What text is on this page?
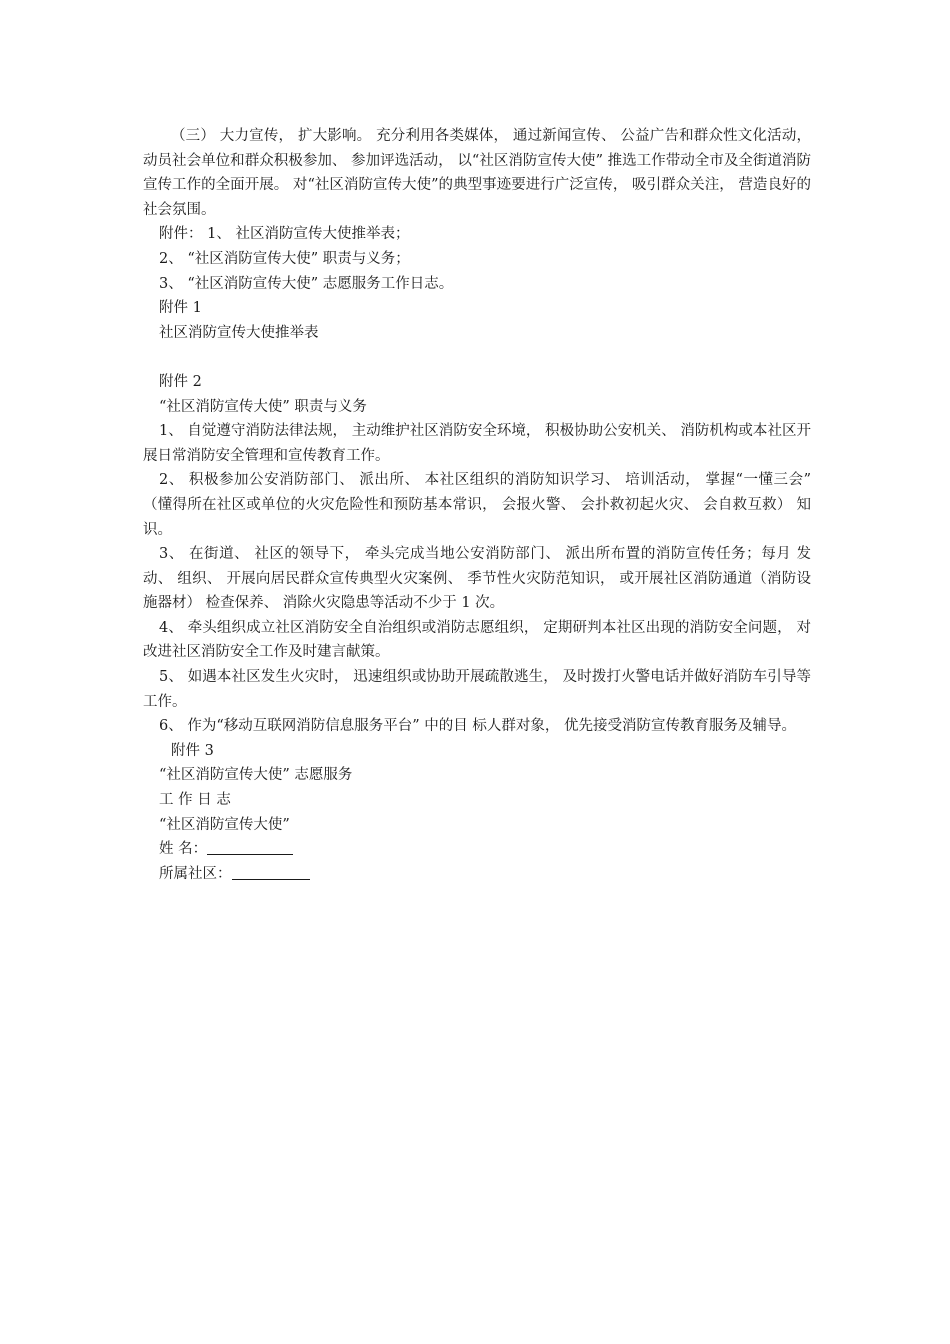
（三） 大力宣传， 扩大影响。 充分利用各类媒体， 通过新闻宣传、 公益广告和群众性文化活动， 动员社会单位和群众积极参加、 参加评选活动， 以“社区消防宣传大使” 推选工作带动全市及全街道消防宣传工作的全面开展。 对“社区消防宣传大使”的典型事迹要进行广泛宣传， 吸引群众关注， 营造良好的社会氛围。

附件： 1、 社区消防宣传大使推举表；

2、 “社区消防宣传大使” 职责与义务；

3、 “社区消防宣传大使” 志愿服务工作日志。

附件 1

社区消防宣传大使推举表

附件 2

“社区消防宣传大使” 职责与义务

1、 自觉遵守消防法律法规， 主动维护社区消防安全环境， 积极协助公安机关、 消防机构或本社区开展日常消防安全管理和宣传教育工作。

2、 积极参加公安消防部门、 派出所、 本社区组织的消防知识学习、 培训活动， 掌握“一懂三会” （懂得所在社区或单位的火灾危险性和预防基本常识， 会报火警、 会扑救初起火灾、 会自救互救） 知识。

3、 在街道、 社区的领导下， 牵头完成当地公安消防部门、 派出所布置的消防宣传任务；每月 发动、 组织、 开展向居民群众宣传典型火灾案例、 季节性火灾防范知识， 或开展社区消防通道（消防设施器材） 检查保养、 消除火灾隐患等活动不少于 1 次。

4、 牵头组织成立社区消防安全自治组织或消防志愿组织， 定期研判本社区出现的消防安全问题， 对改进社区消防安全工作及时建言献策。

5、 如遇本社区发生火灾时， 迅速组织或协助开展疏散逃生， 及时拨打火警电话并做好消防车引导等工作。

6、 作为“移动互联网消防信息服务平台” 中的目 标人群对象， 优先接受消防宣传教育服务及辅导。

附件 3

“社区消防宣传大使” 志愿服务

工 作 日 志

“社区消防宣传大使”

姓 名：

所属社区：
